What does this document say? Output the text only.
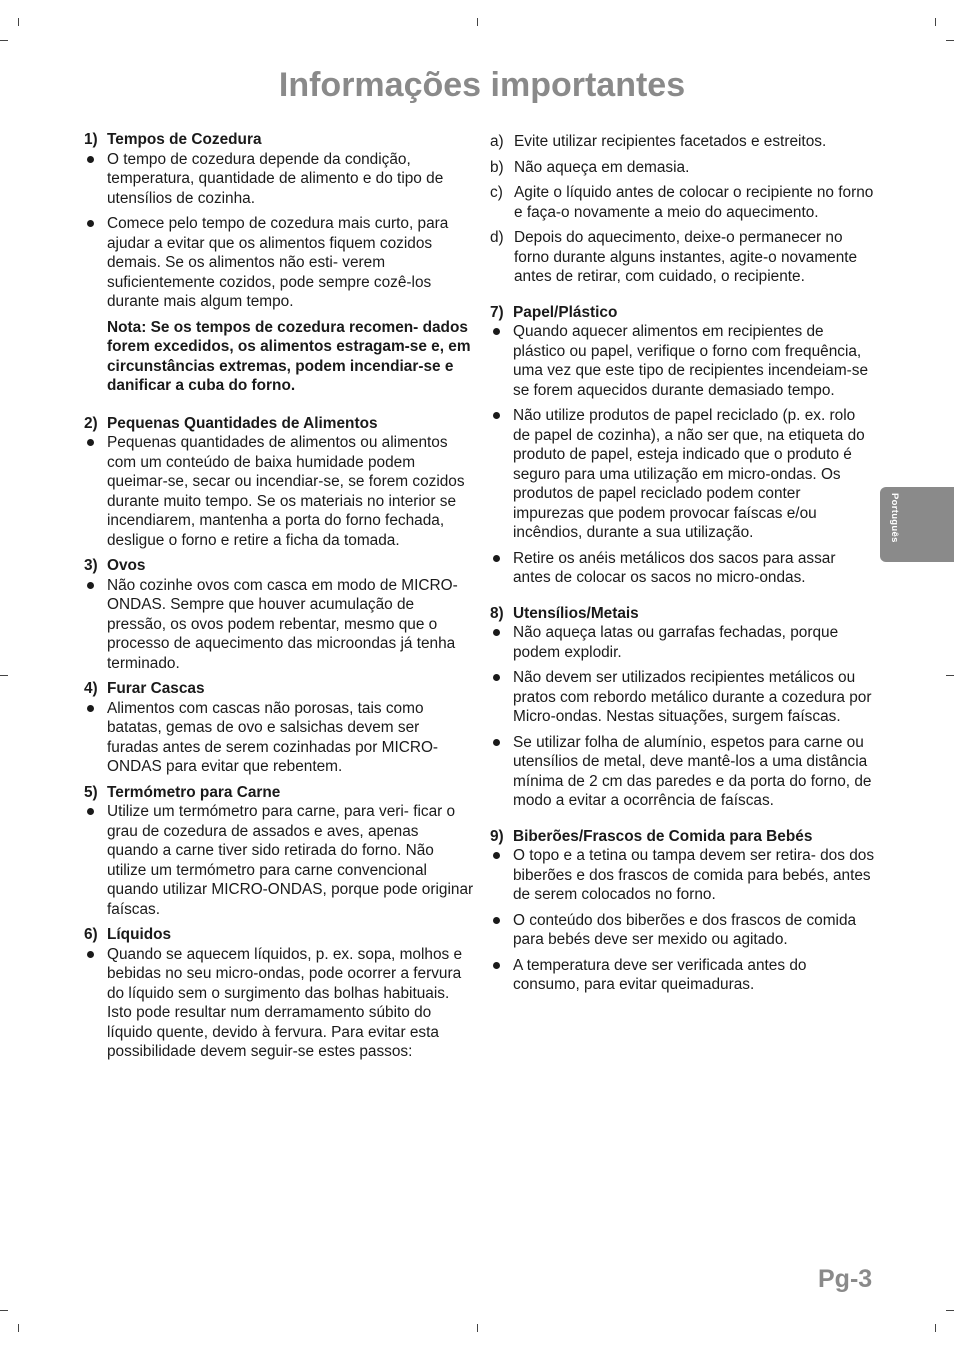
Informações importantes
1) Tempos de Cozedura
O tempo de cozedura depende da condição, temperatura, quantidade de alimento e do tipo de utensílios de cozinha.
Comece pelo tempo de cozedura mais curto, para ajudar a evitar que os alimentos fiquem cozidos demais. Se os alimentos não esti- verem suficientemente cozidos, pode sempre cozê-los durante mais algum tempo.

Nota: Se os tempos de cozedura recomen- dados forem excedidos, os alimentos estragam-se e, em circunstâncias extremas, podem incendiar-se e danificar a cuba do forno.

2) Pequenas Quantidades de Alimentos
Pequenas quantidades de alimentos ou alimentos com um conteúdo de baixa humidade podem queimar-se, secar ou incendiar-se, se forem cozidos durante muito tempo. Se os materiais no interior se incendiarem, mantenha a porta do forno fechada, desligue o forno e retire a ficha da tomada.
3) Ovos
Não cozinhe ovos com casca em modo de MICRO-ONDAS. Sempre que houver acumulação de pressão, os ovos podem rebentar, mesmo que o processo de aquecimento das microondas já tenha terminado.
4) Furar Cascas
Alimentos com cascas não porosas, tais como batatas, gemas de ovo e salsichas devem ser furadas antes de serem cozinhadas por MICRO-ONDAS para evitar que rebentem.
5) Termómetro para Carne
Utilize um termómetro para carne, para veri- ficar o grau de cozedura de assados e aves, apenas quando a carne tiver sido retirada do forno. Não utilize um termómetro para carne convencional quando utilizar MICRO-ONDAS, porque pode originar faíscas.
6) Líquidos
Quando se aquecem líquidos, p. ex. sopa, molhos e bebidas no seu micro-ondas, pode ocorrer a fervura do líquido sem o surgimento das bolhas habituais. Isto pode resultar num derramamento súbito do líquido quente, devido à fervura. Para evitar esta possibilidade devem seguir-se estes passos:
a) Evite utilizar recipientes facetados e estreitos.
b) Não aqueça em demasia.
c) Agite o líquido antes de colocar o recipiente no forno e faça-o novamente a meio do aquecimento.
d) Depois do aquecimento, deixe-o permanecer no forno durante alguns instantes, agite-o novamente antes de retirar, com cuidado, o recipiente.
7) Papel/Plástico
Quando aquecer alimentos em recipientes de plástico ou papel, verifique o forno com frequência, uma vez que este tipo de recipientes incendeiam-se se forem aquecidos durante demasiado tempo.
Não utilize produtos de papel reciclado (p. ex. rolo de papel de cozinha), a não ser que, na etiqueta do produto de papel, esteja indicado que o produto é seguro para uma utilização em micro-ondas. Os produtos de papel reciclado podem conter impurezas que podem provocar faíscas e/ou incêndios, durante a sua utilização.
Retire os anéis metálicos dos sacos para assar antes de colocar os sacos no micro-ondas.
8) Utensílios/Metais
Não aqueça latas ou garrafas fechadas, porque podem explodir.
Não devem ser utilizados recipientes metálicos ou pratos com rebordo metálico durante a cozedura por Micro-ondas. Nestas situações, surgem faíscas.
Se utilizar folha de alumínio, espetos para carne ou utensílios de metal, deve mantê-los a uma distância mínima de 2 cm das paredes e da porta do forno, de modo a evitar a ocorrência de faíscas.
9) Biberões/Frascos de Comida para Bebés
O topo e a tetina ou tampa devem ser retira- dos dos biberões e dos frascos de comida para bebés, antes de serem colocados no forno.
O conteúdo dos biberões e dos frascos de comida para bebés deve ser mexido ou agitado.
A temperatura deve ser verificada antes do consumo, para evitar queimaduras.
Português
Pg-3
